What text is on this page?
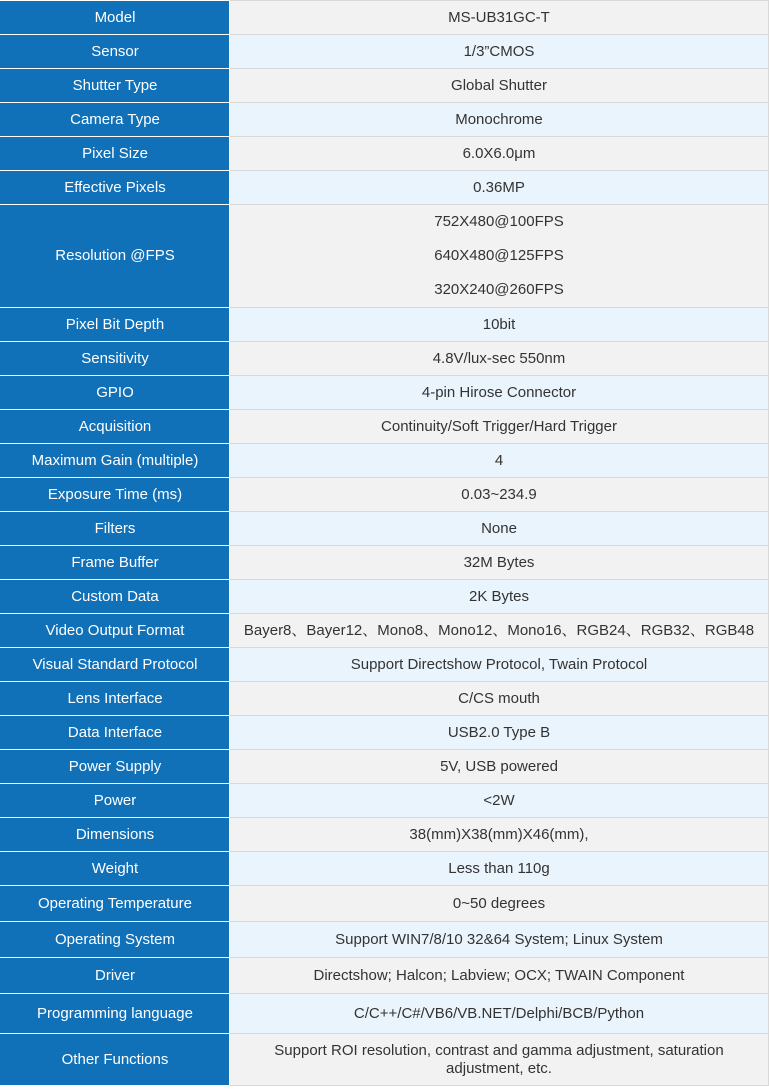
Model	MS-UB31GC-T
Sensor	1/3”CMOS
Shutter Type	Global Shutter
Camera Type	Monochrome
Pixel Size	6.0X6.0μm
Effective Pixels	0.36MP
Resolution @FPS	752X480@100FPS
640X480@125FPS
320X240@260FPS

Pixel Bit Depth	10bit
Sensitivity	4.8V/lux-sec 550nm
GPIO	4-pin Hirose Connector
Acquisition	Continuity/Soft Trigger/Hard Trigger
Maximum Gain (multiple)	4
Exposure Time (ms)	0.03~234.9
Filters	None
Frame Buffer	32M Bytes
Custom Data	2K Bytes
Video Output Format	Bayer8、Bayer12、Mono8、Mono12、Mono16、RGB24、RGB32、RGB48
Visual Standard Protocol	Support Directshow Protocol, Twain Protocol
Lens Interface	C/CS mouth
Data Interface	USB2.0 Type B
Power Supply	5V, USB powered
Power	<2W
Dimensions	38(mm)X38(mm)X46(mm),
Weight	Less than 110g
Operating Temperature	0~50 degrees
Operating System	Support WIN7/8/10 32&64 System; Linux System
Driver	Directshow; Halcon; Labview; OCX; TWAIN Component
Programming language	C/C++/C#/VB6/VB.NET/Delphi/BCB/Python
Other Functions	Support ROI resolution, contrast and gamma adjustment, saturation adjustment, etc.
